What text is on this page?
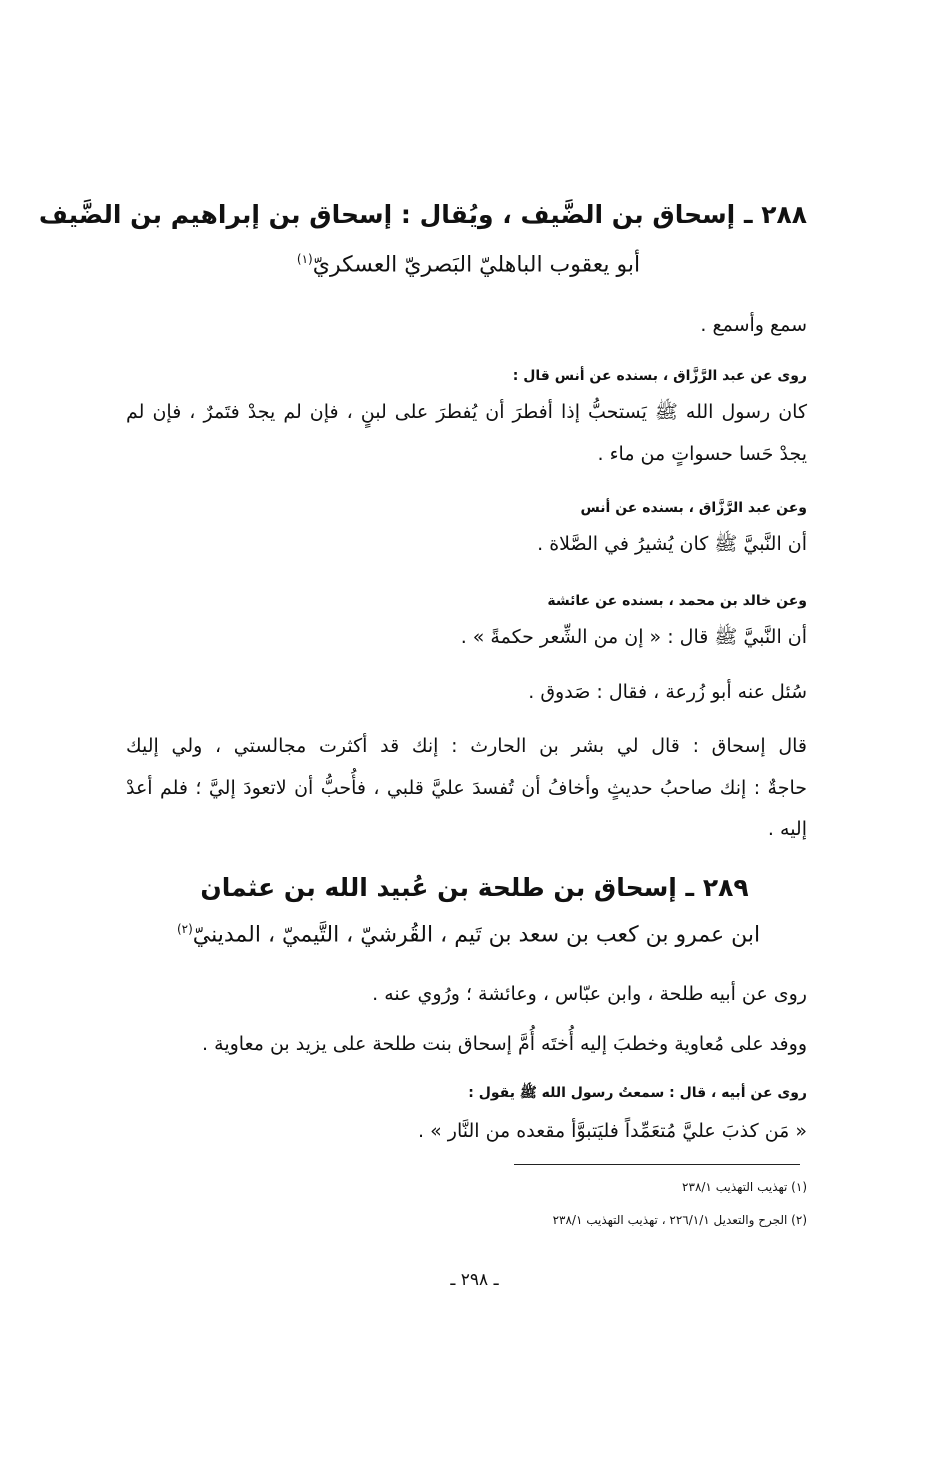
٢٨٨ ـ إسحاق بن الضَّيف ، ويُقال : إسحاق بن إبراهيم بن الضَّيف
أبو يعقوب الباهليّ البَصريّ العسكريّ$^{(١)}$
سمع وأسمع .
روى عن عبد الرَّزَّاق ، بسنده عن أنس قال :
كان رسول الله ﷺ يَستحبُّ إذا أفطرَ أن يُفطرَ على لبنٍ ، فإن لم يجدْ فتَمرٌ ، فإن لم
يجدْ حَسا حسواتٍ من ماء .
وعن عبد الرَّزَّاق ، بسنده عن أنس
أن النَّبيَّ ﷺ كان يُشيرُ في الصَّلاة .
وعن خالد بن محمد ، بسنده عن عائشة
أن النَّبيَّ ﷺ قال : « إن من الشِّعر حكمةً » .
سُئل عنه أبو زُرعة ، فقال : صَدوق .
قال إسحاق : قال لي بشر بن الحارث : إنك قد أكثرت مجالستي ، ولي إليك
حاجةٌ : إنك صاحبُ حديثٍ وأخافُ أن تُفسدَ عليَّ قلبي ، فأُحبُّ أن لاتعودَ إليَّ ؛ فلم أعدْ
إليه .
٢٨٩ ـ إسحاق بن طلحة بن عُبيد الله بن عثمان
ابن عمرو بن كعب بن سعد بن تَيم ، القُرشيّ ، التَّيميّ ، المدينيّ$^{(٢)}$
روى عن أبيه طلحة ، وابن عبّاس ، وعائشة ؛ ورُوي عنه .
ووفد على مُعاوية وخطبَ إليه أُختَه أُمَّ إسحاق بنت طلحة على يزيد بن معاوية .
روى عن أبيه ، قال : سمعتُ رسول الله ﷺ يقول :
« مَن كذبَ عليَّ مُتعَمِّداً فليَتبوَّأ مقعده من النَّار » .
(١) تهذيب التهذيب ٢٣٨/١
(٢) الجرح والتعديل ٢٢٦/١/١ ، تهذيب التهذيب ٢٣٨/١
ـ ٢٩٨ ـ
